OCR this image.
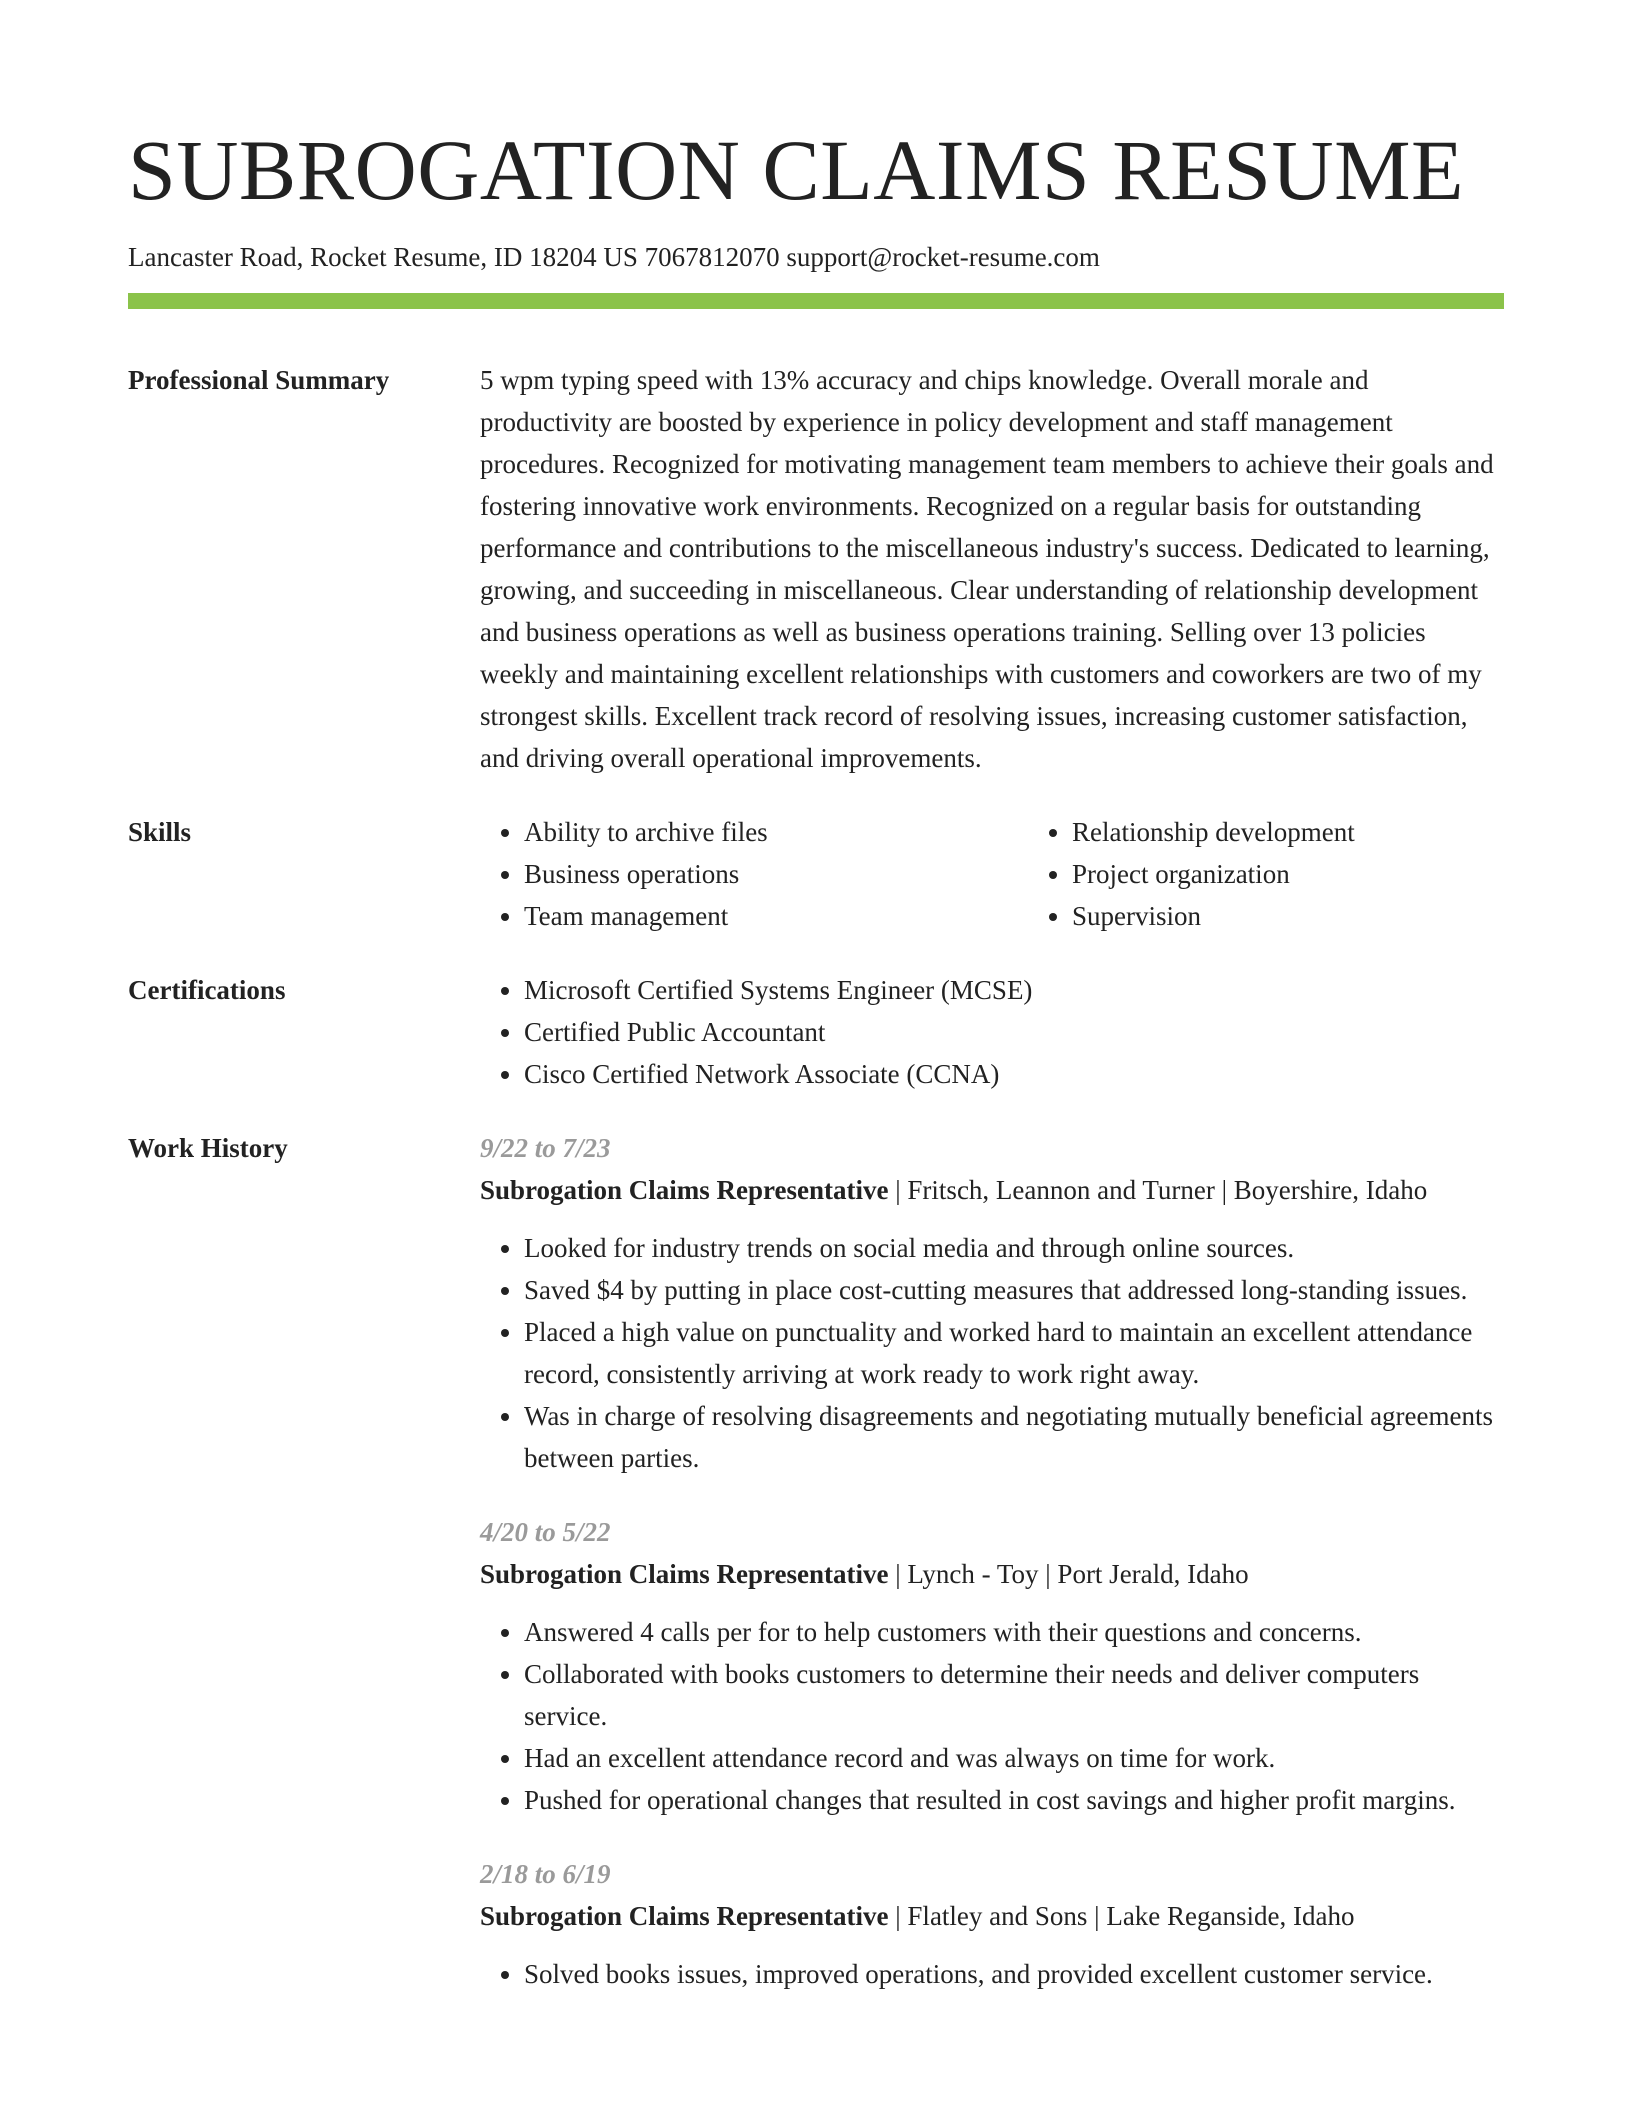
SUBROGATION CLAIMS RESUME
Lancaster Road, Rocket Resume, ID 18204 US 7067812070 support@rocket-resume.com
Professional Summary	5 wpm typing speed with 13% accuracy and chips knowledge. Overall morale and productivity are boosted by experience in policy development and staff management procedures. Recognized for motivating management team members to achieve their goals and fostering innovative work environments. Recognized on a regular basis for outstanding performance and contributions to the miscellaneous industry's success. Dedicated to learning, growing, and succeeding in miscellaneous. Clear understanding of relationship development and business operations as well as business operations training. Selling over 13 policies weekly and maintaining excellent relationships with customers and coworkers are two of my strongest skills. Excellent track record of resolving issues, increasing customer satisfaction, and driving overall operational improvements.
Skills	• Ability to archive files
• Business operations
• Team management
• Relationship development
• Project organization
• Supervision
Certifications	• Microsoft Certified Systems Engineer (MCSE)
• Certified Public Accountant
• Cisco Certified Network Associate (CCNA)
Work History	9/22 to 7/23
Subrogation Claims Representative | Fritsch, Leannon and Turner | Boyershire, Idaho
• Looked for industry trends on social media and through online sources.
• Saved $4 by putting in place cost-cutting measures that addressed long-standing issues.
• Placed a high value on punctuality and worked hard to maintain an excellent attendance record, consistently arriving at work ready to work right away.
• Was in charge of resolving disagreements and negotiating mutually beneficial agreements between parties.
4/20 to 5/22
Subrogation Claims Representative | Lynch - Toy | Port Jerald, Idaho
• Answered 4 calls per for to help customers with their questions and concerns.
• Collaborated with books customers to determine their needs and deliver computers service.
• Had an excellent attendance record and was always on time for work.
• Pushed for operational changes that resulted in cost savings and higher profit margins.
2/18 to 6/19
Subrogation Claims Representative | Flatley and Sons | Lake Reganside, Idaho
• Solved books issues, improved operations, and provided excellent customer service.
